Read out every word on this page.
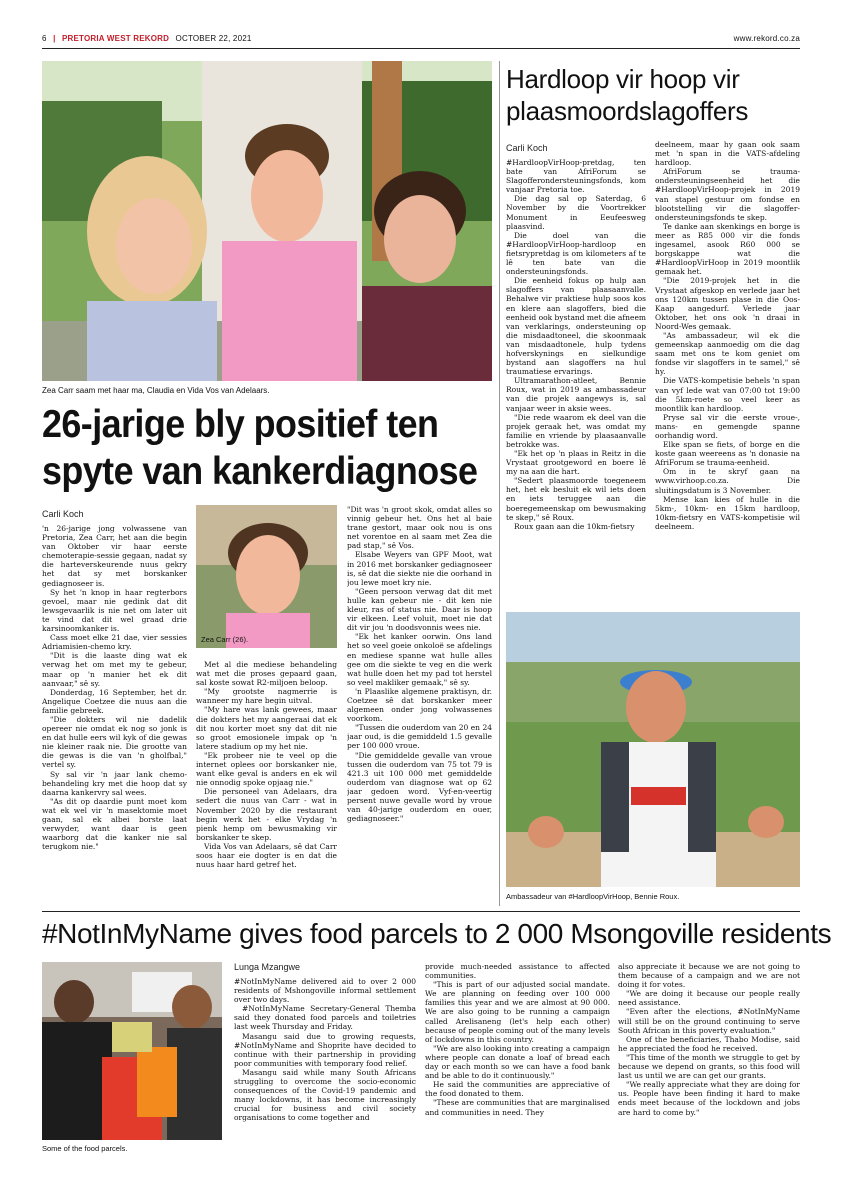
6 | PRETORIA WEST REKORD OCTOBER 22, 2021	www.rekord.co.za
Zea Carr saam met haar ma, Claudia en Vida Vos van Adelaars.
26-jarige bly positief ten
spyte van kankerdiagnose
Carli Koch

'n 26-jarige jong volwassene van Pretoria, Zea Carr, het aan die begin van Oktober vir haar eerste chemoterapie-sessie gegaan, nadat sy die harteverskeurende nuus gekry het dat sy met borskanker gediagnoseer is.

Sy het 'n knop in haar regterbors gevoel, maar nie gedink dat dit lewsgevaarlik is nie net om later uit te vind dat dit wel graad drie karsinoomkanker is.

Cass moet elke 21 dae, vier sessies Adriamisien-chemo kry.

"Dit is die laaste ding wat ek verwag het om met my te gebeur, maar op 'n manier het ek dit aanvaar," sê sy.

Donderdag, 16 September, het dr. Angelique Coetzee die nuus aan die familie gebreek.

"Die dokters wil nie dadelik opereer nie omdat ek nog so jonk is en dat hulle eers wil kyk of die gewas nie kleiner raak nie. Die grootte van die gewas is die van 'n gholfbal," vertel sy.

Sy sal vir 'n jaar lank chemo-behandeling kry met die hoop dat sy daarna kankervry sal wees.

"As dit op daardie punt moet kom wat ek wel vir 'n masektomie moet gaan, sal ek albei borste laat verwyder, want daar is geen waarborg dat die kanker nie sal terugkom nie."

Zea Carr (26).

Met al die mediese behandeling wat met die proses gepaard gaan, sal koste sowat R2-miljoen beloop.

"My grootste nagmerrie is wanneer my hare begin uitval.

"My hare was lank gewees, maar die dokters het my aangeraai dat ek dit nou korter moet sny dat dit nie so groot emosionele impak op 'n latere stadium op my het nie.

"Ek probeer nie te veel op die internet oplees oor borskanker nie, want elke geval is anders en ek wil nie onnodig spoke opjaag nie."

Die personeel van Adelaars, dra sedert die nuus van Carr - wat in November 2020 by die restaurant begin werk het - elke Vrydag 'n pienk hemp om bewusmaking vir borskanker te skep.

Vida Vos van Adelaars, sê dat Carr soos haar eie dogter is en dat die nuus haar hard getref het.

"Dit was 'n groot skok, omdat alles so vinnig gebeur het. Ons het al baie trane gestort, maar ook nou is ons net vorentoe en al saam met Zea die pad stap," sê Vos.

Elsabe Weyers van GPF Moot, wat in 2016 met borskanker gediagnoseer is, sê dat die siekte nie die oorhand in jou lewe moet kry nie.

"Geen persoon verwag dat dit met hulle kan gebeur nie - dit ken nie kleur, ras of status nie. Daar is hoop vir elkeen. Leef voluit, moet nie dat dit vir jou 'n doodsvonnis wees nie.

"Ek het kanker oorwin. Ons land het so veel goeie onkoloë se afdelings en mediese spanne wat hulle alles gee om die siekte te veg en die werk wat hulle doen het my pad tot herstel so veel makliker gemaak," sê sy.

'n Plaaslike algemene praktisyn, dr. Coetzee sê dat borskanker meer algemeen onder jong volwassenes voorkom.

"Tussen die ouderdom van 20 en 24 jaar oud, is die gemiddeld 1.5 gevalle per 100 000 vroue.

"Die gemiddelde gevalle van vroue tussen die ouderdom van 75 tot 79 is 421.3 uit 100 000 met gemiddelde ouderdom van diagnose wat op 62 jaar gedoen word. Vyf-en-veertig persent nuwe gevalle word by vroue van 40-jarige ouderdom en ouer, gediagnoseer."

Hardloop vir hoop vir
plaasmoordslagoffers
Carli Koch

#HardloopVirHoop-pretdag, ten bate van AfriForum se Slagofferondersteuningsfonds, kom vanjaar Pretoria toe.

Die dag sal op Saterdag, 6 November by die Voortrekker Monument in Eeufeesweg plaasvind.

Die doel van die #HardloopVirHoop-hardloop en fietsrypretdag is om kilometers af te lê ten bate van die ondersteuningsfonds.

Die eenheid fokus op hulp aan slagoffers van plaasaanvalle. Behalwe vir praktiese hulp soos kos en klere aan slagoffers, bied die eenheid ook bystand met die afneem van verklarings, ondersteuning op die misdaadtoneel, die skoonmaak van misdaadtonele, hulp tydens hofverskynings en sielkundige bystand aan slagoffers na hul traumatiese ervarings.

Ultramarathon-atleet, Bennie Roux, wat in 2019 as ambassadeur van die projek aangewys is, sal vanjaar weer in aksie wees.

"Die rede waarom ek deel van die projek geraak het, was omdat my familie en vriende by plaasaanvalle betrokke was.

"Ek het op 'n plaas in Reitz in die Vrystaat grootgeword en boere lê my na aan die hart.

"Sedert plaasmoorde toegeneem het, het ek besluit ek wil iets doen en iets teruggee aan die boeregemeenskap om bewusmaking te skep," sê Roux.

Roux gaan aan die 10km-fietsry

deelneem, maar hy gaan ook saam met 'n span in die VATS-afdeling hardloop.

AfriForum se trauma-ondersteuningseenheid het die #HardloopVirHoop-projek in 2019 van stapel gestuur om fondse en blootstelling vir die slagoffer-ondersteuningsfonds te skep.

Te danke aan skenkings en borge is meer as R85 000 vir die fonds ingesamel, asook R60 000 se borgskappe wat die #HardloopVirHoop in 2019 moontlik gemaak het.

"Die 2019-projek het in die Vrystaat afgeskop en verlede jaar het ons 120km tussen plase in die Oos-Kaap aangedurf. Verlede jaar Oktober, het ons ook 'n draai in Noord-Wes gemaak.

"As ambassadeur, wil ek die gemeenskap aanmoedig om die dag saam met ons te kom geniet om fondse vir slagoffers in te samel," sê hy.

Die VATS-kompetisie behels 'n span van vyf lede wat van 07:00 tot 19:00 die 5km-roete so veel keer as moontlik kan hardloop.

Pryse sal vir die eerste vroue-, mans- en gemengde spanne oorhandig word.

Elke span se fiets, of borge en die koste gaan weereens as 'n donasie na AfriForum se trauma-eenheid.

Om in te skryf gaan na www.virhoop.co.za. Die sluitingsdatum is 3 November.

Mense kan kies of hulle in die 5km-, 10km- en 15km hardloop, 10km-fietsry en VATS-kompetisie wil deelneem.

Ambassadeur van #HardloopVirHoop, Bennie Roux.
#NotInMyName gives food parcels to 2 000 Msongoville residents
Some of the food parcels.
Lunga Mzangwe

#NotInMyName delivered aid to over 2 000 residents of Mshongoville informal settlement over two days.

#NotInMyName Secretary-General Themba said they donated food parcels and toiletries last week Thursday and Friday.

Masangu said due to growing requests, #NotInMyName and Shoprite have decided to continue with their partnership in providing poor communities with temporary food relief.

Masangu said while many South Africans struggling to overcome the socio-economic consequences of the Covid-19 pandemic and many lockdowns, it has become increasingly crucial for business and civil society organisations to come together and

provide much-needed assistance to affected communities.

"This is part of our adjusted social mandate. We are planning on feeding over 100 000 families this year and we are almost at 90 000. We are also going to be running a campaign called Arelisaneng (let's help each other) because of people coming out of the many levels of lockdowns in this country.

"We are also looking into creating a campaign where people can donate a loaf of bread each day or each month so we can have a food bank and be able to do it continuously."

He said the communities are appreciative of the food donated to them.

"These are communities that are marginalised and communities in need. They

also appreciate it because we are not going to them because of a campaign and we are not doing it for votes.

"We are doing it because our people really need assistance.

"Even after the elections, #NotInMyName will still be on the ground continuing to serve South African in this poverty evaluation."

One of the beneficiaries, Thabo Modise, said he appreciated the food he received.

"This time of the month we struggle to get by because we depend on grants, so this food will last us until we are can get our grants.

"We really appreciate what they are doing for us. People have been finding it hard to make ends meet because of the lockdown and jobs are hard to come by."
